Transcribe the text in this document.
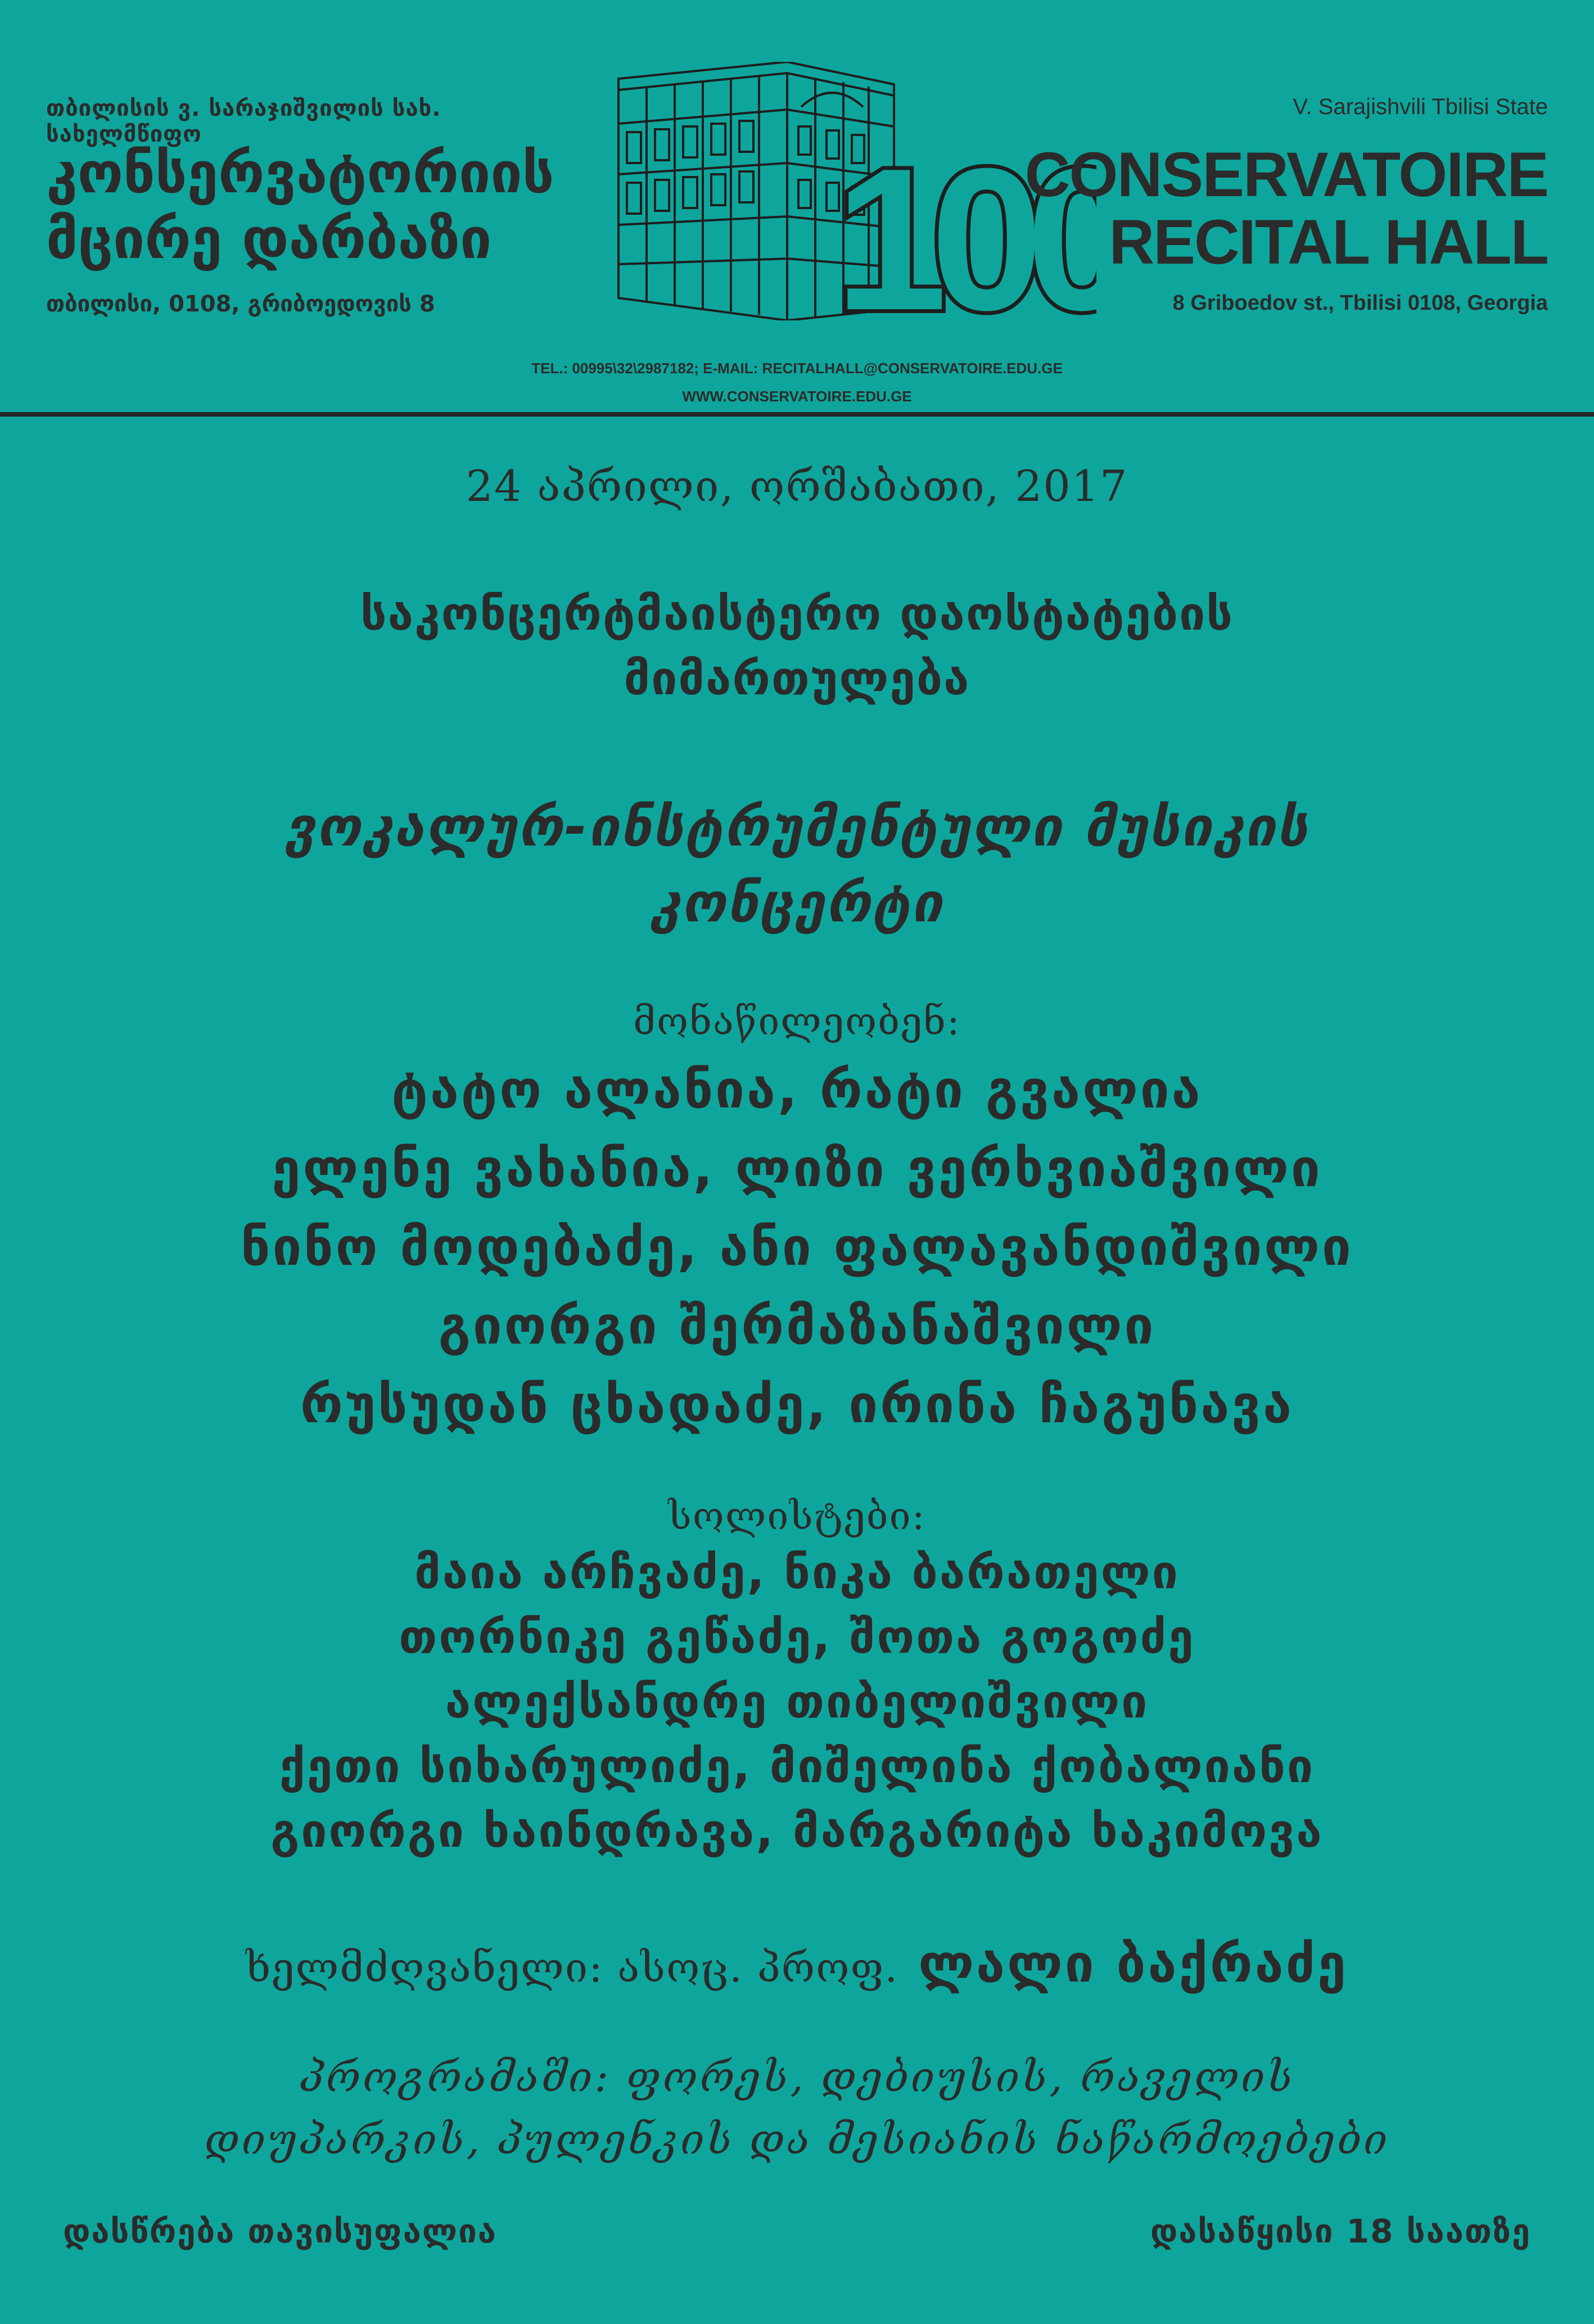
თბილისის ვ. სარაჯიშვილის სახ. სახელმწიფო
კონსერვატორიის
მცირე დარბაზი
თბილისი, 0108, გრიბოედოვის 8	100
V. Sarajishvili Tbilisi State
CONSERVATOIRE
RECITAL HALL
8 Griboedov st., Tbilisi 0108, Georgia
TEL.: 00995\32\2987182; E-MAIL: RECITALHALL@CONSERVATOIRE.EDU.GE
WWW.CONSERVATOIRE.EDU.GE
24 აპრილი, ორშაბათი, 2017
საკონცერტმაისტერო დაოსტატების
მიმართულება
ვოკალურ-ინსტრუმენტული მუსიკის
კონცერტი
მონაწილეობენ:
ტატო ალანია, რატი გვალია
ელენე ვახანია, ლიზი ვერხვიაშვილი
ნინო მოდებაძე, ანი ფალავანდიშვილი
გიორგი შერმაზანაშვილი
რუსუდან ცხადაძე, ირინა ჩაგუნავა
სოლისტები:
მაია არჩვაძე, ნიკა ბარათელი
თორნიკე გეწაძე, შოთა გოგოძე
ალექსანდრე თიბელიშვილი
ქეთი სიხარულიძე, მიშელინა ქობალიანი
გიორგი ხაინდრავა, მარგარიტა ხაკიმოვა
ხელმძღვანელი: ასოც. პროფ. ლალი ბაქრაძე
პროგრამაში: ფორეს, დებიუსის, რაველის
დიუპარკის, პულენკის და მესიანის ნაწარმოებები
დასწრება თავისუფალია	დასაწყისი 18 საათზე
